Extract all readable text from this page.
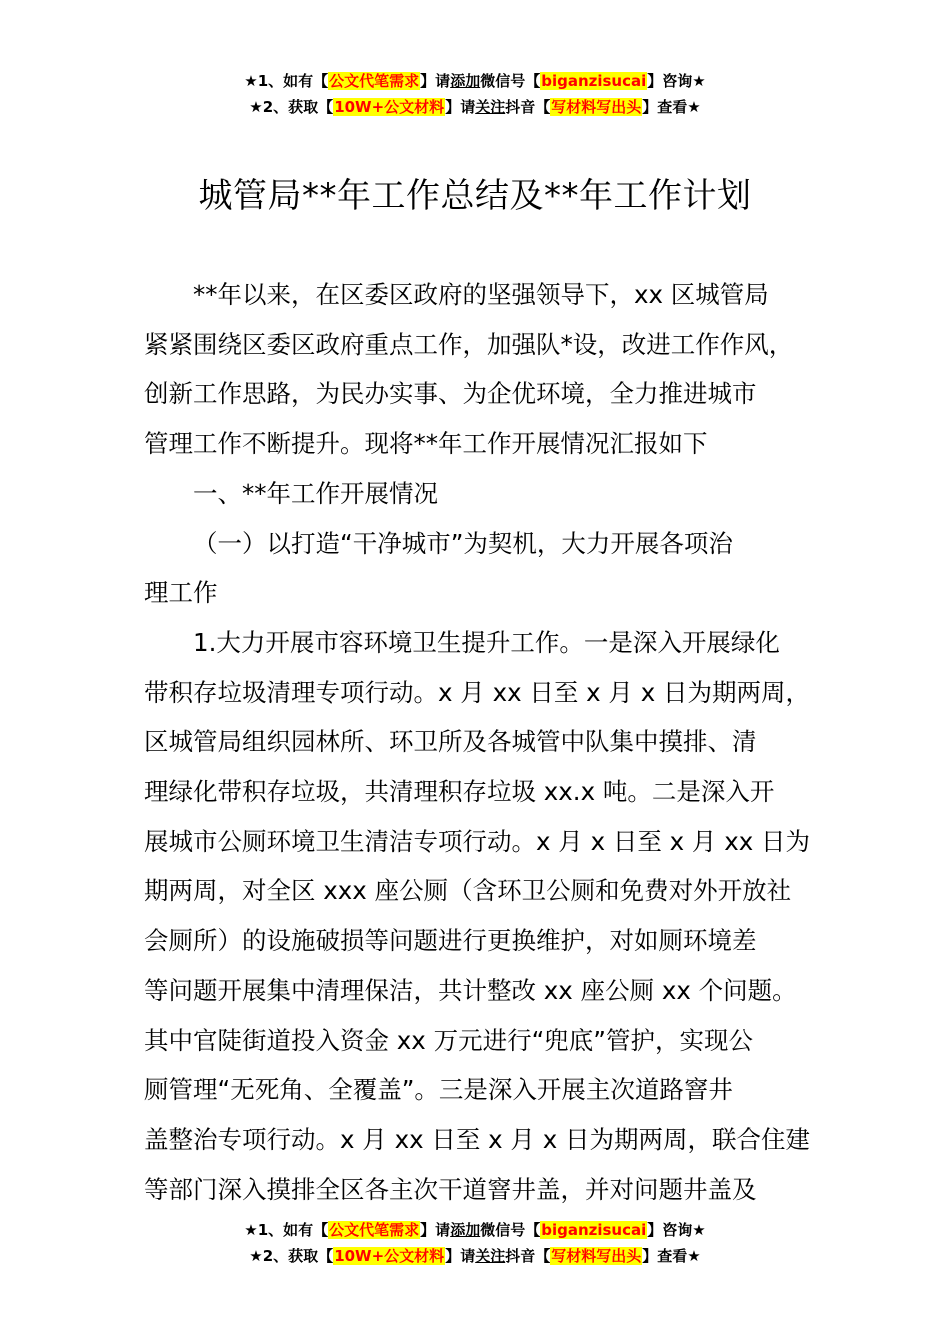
★1、如有【公文代笔需求】请添加微信号【biganzisucai】咨询★
★2、获取【10W+公文材料】请关注抖音【写材料写出头】查看★
城管局**年工作总结及**年工作计划
**年以来，在区委区政府的坚强领导下，xx 区城管局
紧紧围绕区委区政府重点工作，加强队*设，改进工作作风，
创新工作思路，为民办实事、为企优环境，全力推进城市
管理工作不断提升。现将**年工作开展情况汇报如下
一、**年工作开展情况
（一）以打造“干净城市”为契机，大力开展各项治
理工作
1.大力开展市容环境卫生提升工作。一是深入开展绿化
带积存垃圾清理专项行动。x 月 xx 日至 x 月 x 日为期两周，
区城管局组织园林所、环卫所及各城管中队集中摸排、清
理绿化带积存垃圾，共清理积存垃圾 xx.x 吨。二是深入开
展城市公厕环境卫生清洁专项行动。x 月 x 日至 x 月 xx 日为
期两周，对全区 xxx 座公厕（含环卫公厕和免费对外开放社
会厕所）的设施破损等问题进行更换维护，对如厕环境差
等问题开展集中清理保洁，共计整改 xx 座公厕 xx 个问题。
其中官陡街道投入资金 xx 万元进行“兜底”管护，实现公
厕管理“无死角、全覆盖”。三是深入开展主次道路窨井
盖整治专项行动。x 月 xx 日至 x 月 x 日为期两周，联合住建
等部门深入摸排全区各主次干道窨井盖，并对问题井盖及
★1、如有【公文代笔需求】请添加微信号【biganzisucai】咨询★
★2、获取【10W+公文材料】请关注抖音【写材料写出头】查看★
